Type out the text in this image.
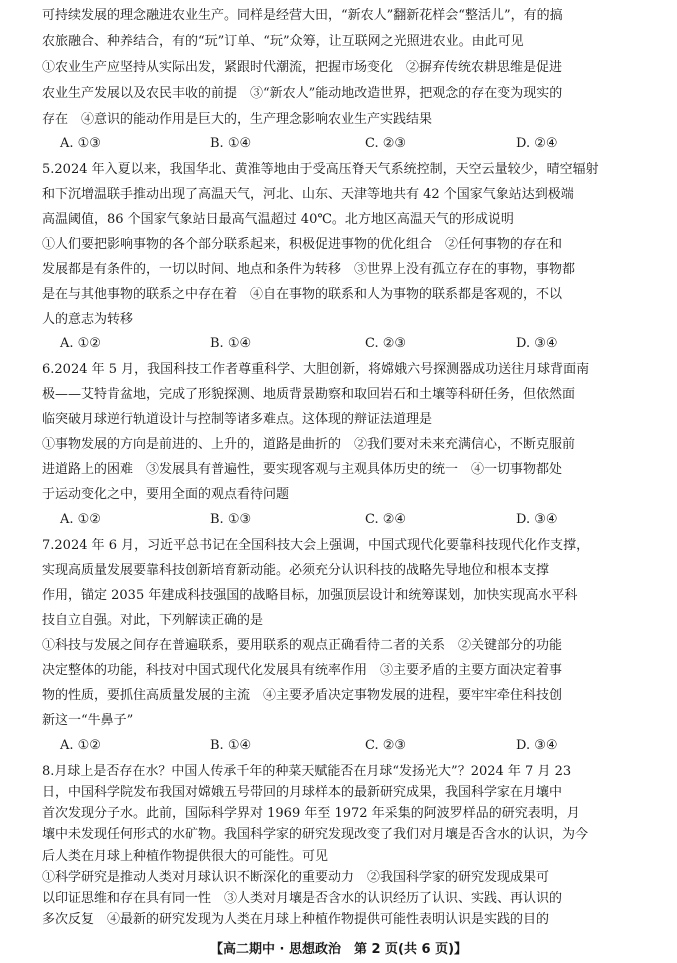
可持续发展的理念融进农业生产。同样是经营大田，“新农人”翻新花样会“整活儿”，有的搞
农旅融合、种养结合，有的“玩”订单、“玩”众筹，让互联网之光照进农业。由此可见
①农业生产应坚持从实际出发，紧跟时代潮流，把握市场变化　②摒弃传统农耕思维是促进
农业生产发展以及农民丰收的前提　③“新农人”能动地改造世界，把观念的存在变为现实的
存在　④意识的能动作用是巨大的，生产理念影响农业生产实践结果
A. ①③	B. ①④	C. ②③	D. ②④
5.2024 年入夏以来，我国华北、黄淮等地由于受高压脊天气系统控制，天空云量较少，晴空辐射
和下沉增温联手推动出现了高温天气，河北、山东、天津等地共有 42 个国家气象站达到极端
高温阈值，86 个国家气象站日最高气温超过 40℃。北方地区高温天气的形成说明
①人们要把影响事物的各个部分联系起来，积极促进事物的优化组合　②任何事物的存在和
发展都是有条件的，一切以时间、地点和条件为转移　③世界上没有孤立存在的事物，事物都
是在与其他事物的联系之中存在着　④自在事物的联系和人为事物的联系都是客观的，不以
人的意志为转移
A. ①②	B. ①④	C. ②③	D. ③④
6.2024 年 5 月，我国科技工作者尊重科学、大胆创新，将嫦娥六号探测器成功送往月球背面南
极——艾特肯盆地，完成了形貌探测、地质背景勘察和取回岩石和土壤等科研任务，但依然面
临突破月球逆行轨道设计与控制等诸多难点。这体现的辩证法道理是
①事物发展的方向是前进的、上升的，道路是曲折的　②我们要对未来充满信心，不断克服前
进道路上的困难　③发展具有普遍性，要实现客观与主观具体历史的统一　④一切事物都处
于运动变化之中，要用全面的观点看待问题
A. ①②	B. ①③	C. ②④	D. ③④
7.2024 年 6 月，习近平总书记在全国科技大会上强调，中国式现代化要靠科技现代化作支撑，
实现高质量发展要靠科技创新培育新动能。必须充分认识科技的战略先导地位和根本支撑
作用，锚定 2035 年建成科技强国的战略目标，加强顶层设计和统筹谋划，加快实现高水平科
技自立自强。对此，下列解读正确的是
①科技与发展之间存在普遍联系，要用联系的观点正确看待二者的关系　②关键部分的功能
决定整体的功能，科技对中国式现代化发展具有统率作用　③主要矛盾的主要方面决定着事
物的性质，要抓住高质量发展的主流　④主要矛盾决定事物发展的进程，要牢牢牵住科技创
新这一“牛鼻子”
A. ①②	B. ①④	C. ②③	D. ③④
8.月球上是否存在水？中国人传承千年的种菜天赋能否在月球“发扬光大”？2024 年 7 月 23
日，中国科学院发布我国对嫦娥五号带回的月球样本的最新研究成果，我国科学家在月壤中
首次发现分子水。此前，国际科学界对 1969 年至 1972 年采集的阿波罗样品的研究表明，月
壤中未发现任何形式的水矿物。我国科学家的研究发现改变了我们对月壤是否含水的认识，为今
后人类在月球上种植作物提供很大的可能性。可见
①科学研究是推动人类对月球认识不断深化的重要动力　②我国科学家的研究发现成果可
以印证思维和存在具有同一性　③人类对月壤是否含水的认识经历了认识、实践、再认识的
多次反复　④最新的研究发现为人类在月球上种植作物提供可能性表明认识是实践的目的
【高二期中 · 思想政治　第 2 页(共 6 页)】
